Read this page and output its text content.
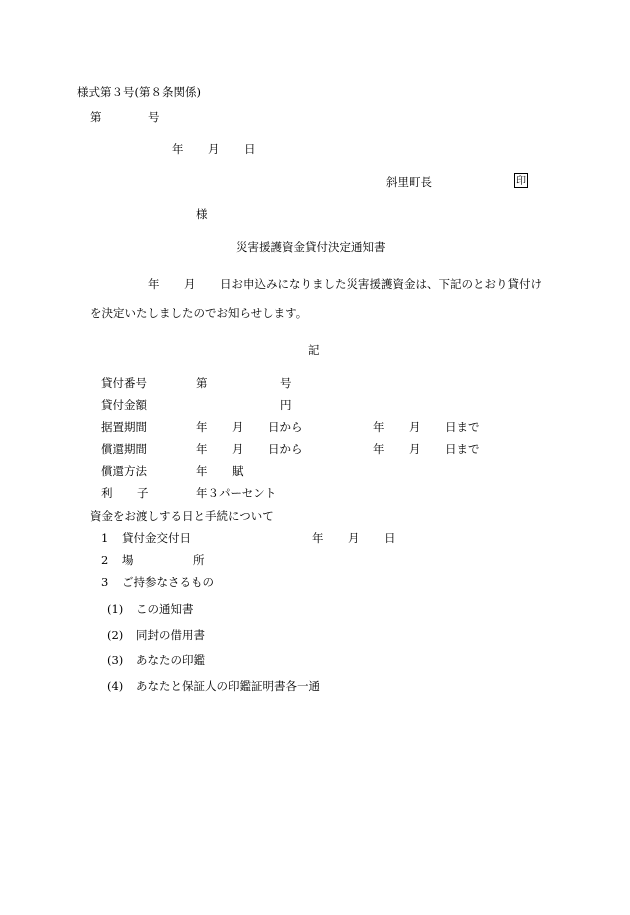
様式第３号(第８条関係)
第	号
年 月 日
斜里町長	印
様
災害援護資金貸付決定通知書
年 月 日お申込みになりました災害援護資金は、下記のとおり貸付け
を決定いたしましたのでお知らせします。
記
貸付番号	第	号
貸付金額	円
据置期間	年 月 日から	年 月 日まで
償還期間	年 月 日から	年 月 日まで
償還方法	年 賦
利 子	年３パーセント
資金をお渡しする日と手続について
1 貸付金交付日	年 月 日
2 場	所
3 ご持参なさるもの
(1) この通知書
(2) 同封の借用書
(3) あなたの印鑑
(4) あなたと保証人の印鑑証明書各一通
